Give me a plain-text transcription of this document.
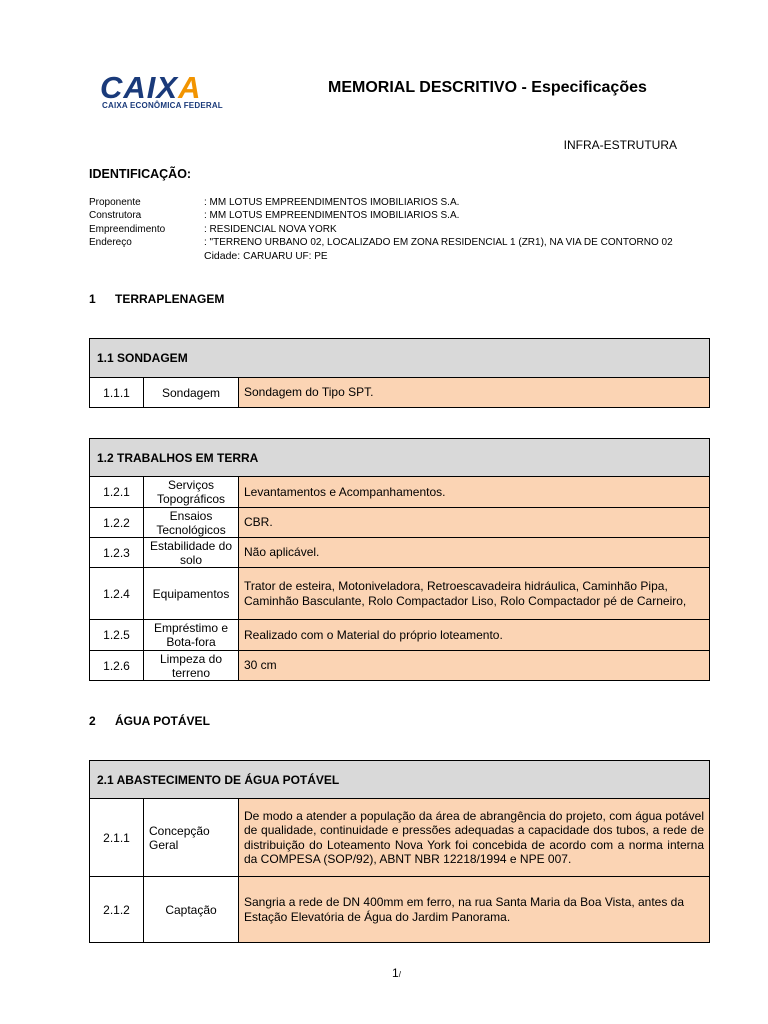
CAIXA
CAIXA ECONÔMICA FEDERAL
MEMORIAL DESCRITIVO - Especificações
INFRA-ESTRUTURA
IDENTIFICAÇÃO:
Proponente	: MM LOTUS EMPREENDIMENTOS IMOBILIARIOS S.A.
Construtora	: MM LOTUS EMPREENDIMENTOS IMOBILIARIOS S.A.
Empreendimento	: RESIDENCIAL NOVA YORK
Endereço	: "TERRENO URBANO 02, LOCALIZADO EM ZONA RESIDENCIAL 1 (ZR1), NA VIA DE CONTORNO 02
Cidade: CARUARU UF: PE
1 TERRAPLENAGEM
1.1 SONDAGEM
1.1.1	Sondagem	Sondagem do Tipo SPT.
1.2 TRABALHOS EM TERRA		
1.2.1	Serviços Topográficos	Levantamentos e Acompanhamentos.
1.2.2	Ensaios Tecnológicos	CBR.
1.2.3	Estabilidade do solo	Não aplicável.
1.2.4	Equipamentos	Trator de esteira, Motoniveladora, Retroescavadeira hidráulica, Caminhão Pipa, Caminhão Basculante, Rolo Compactador Liso, Rolo Compactador pé de Carneiro,
1.2.5	Empréstimo e Bota-fora	Realizado com o Material do próprio loteamento.
1.2.6	Limpeza do terreno	30 cm
2 ÁGUA POTÁVEL
2.1 ABASTECIMENTO DE ÁGUA POTÁVEL		
2.1.1	Concepção Geral	De modo a atender a população da área de abrangência do projeto, com água potável de qualidade, continuidade e pressões adequadas a capacidade dos tubos, a rede de distribuição do Loteamento Nova York foi concebida de acordo com a norma interna da COMPESA (SOP/92), ABNT NBR 12218/1994 e NPE 007.
2.1.2	Captação	Sangria a rede de DN 400mm em ferro, na rua Santa Maria da Boa Vista, antes da Estação Elevatória de Água do Jardim Panorama.
1/
